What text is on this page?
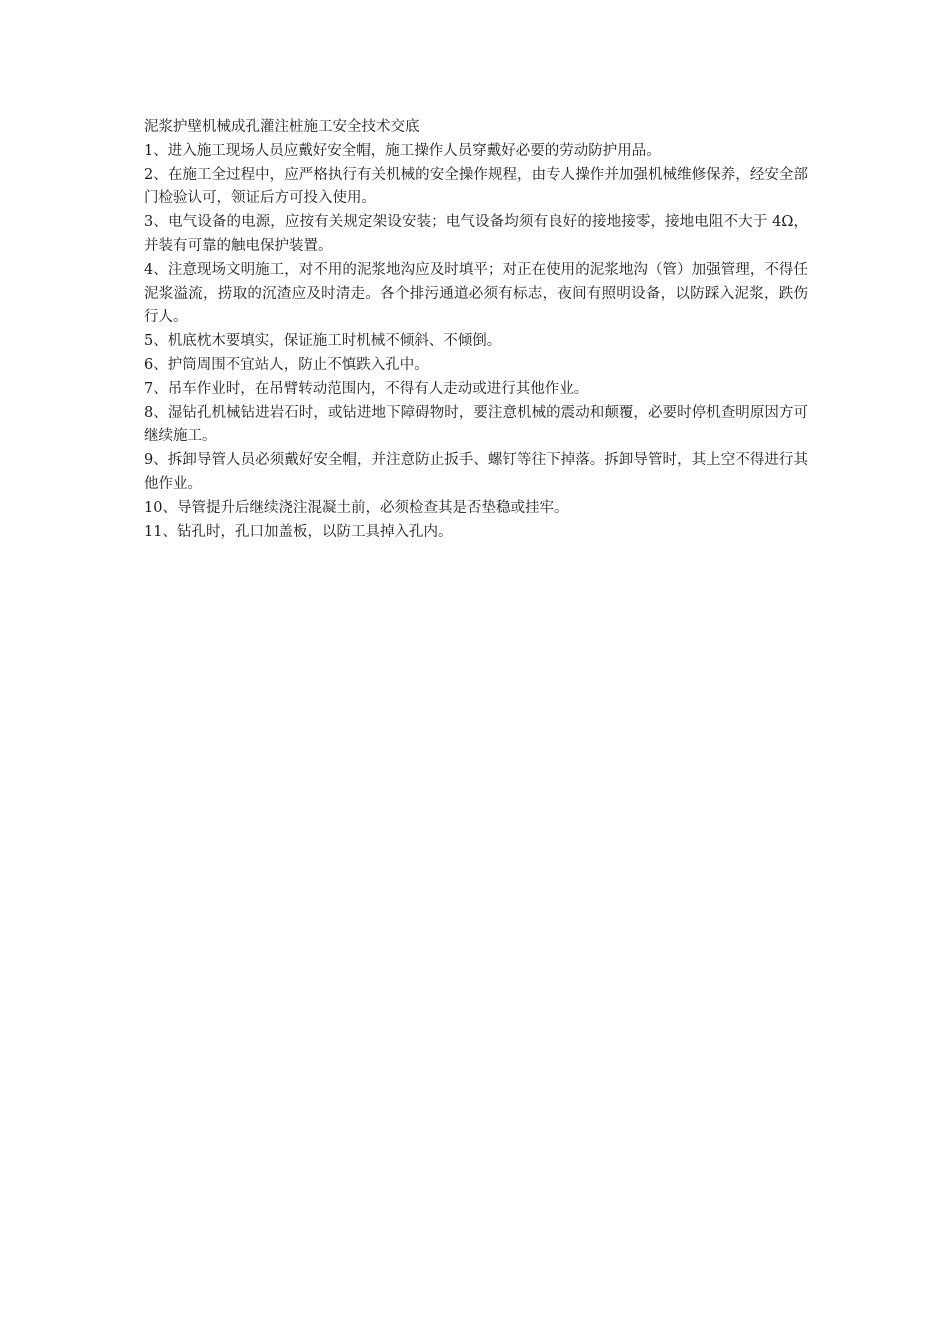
泥浆护壁机械成孔灌注桩施工安全技术交底

1、进入施工现场人员应戴好安全帽，施工操作人员穿戴好必要的劳动防护用品。

2、在施工全过程中，应严格执行有关机械的安全操作规程，由专人操作并加强机械维修保养，经安全部门检验认可，领证后方可投入使用。

3、电气设备的电源，应按有关规定架设安装；电气设备均须有良好的接地接零，接地电阻不大于 4Ω，并装有可靠的触电保护装置。

4、注意现场文明施工，对不用的泥浆地沟应及时填平；对正在使用的泥浆地沟（管）加强管理，不得任泥浆溢流，捞取的沉渣应及时清走。各个排污通道必须有标志，夜间有照明设备，以防踩入泥浆，跌伤行人。

5、机底枕木要填实，保证施工时机械不倾斜、不倾倒。

6、护筒周围不宜站人，防止不慎跌入孔中。

7、吊车作业时，在吊臂转动范围内，不得有人走动或进行其他作业。

8、湿钻孔机械钻进岩石时，或钻进地下障碍物时，要注意机械的震动和颠覆，必要时停机查明原因方可继续施工。

9、拆卸导管人员必须戴好安全帽，并注意防止扳手、螺钉等往下掉落。拆卸导管时，其上空不得进行其他作业。

10、导管提升后继续浇注混凝土前，必须检查其是否垫稳或挂牢。

11、钻孔时，孔口加盖板，以防工具掉入孔内。
